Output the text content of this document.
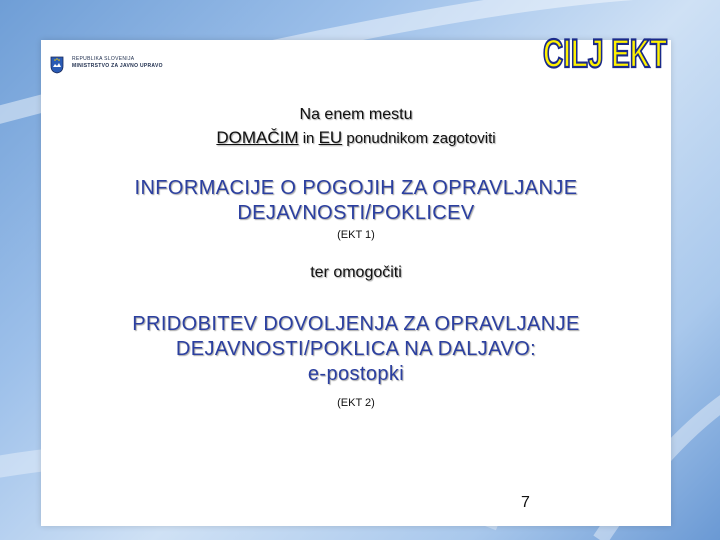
REPUBLIKA SLOVENIJA
MINISTRSTVO ZA JAVNO UPRAVO	CILJ EKT
Na enem mestu
DOMAČIM in EU ponudnikom zagotoviti
INFORMACIJE O POGOJIH ZA OPRAVLJANJE
DEJAVNOSTI/POKLICEV
(EKT 1)
ter omogočiti
PRIDOBITEV DOVOLJENJA ZA OPRAVLJANJE
DEJAVNOSTI/POKLICA NA DALJAVO:
e-postopki
(EKT 2)
7
